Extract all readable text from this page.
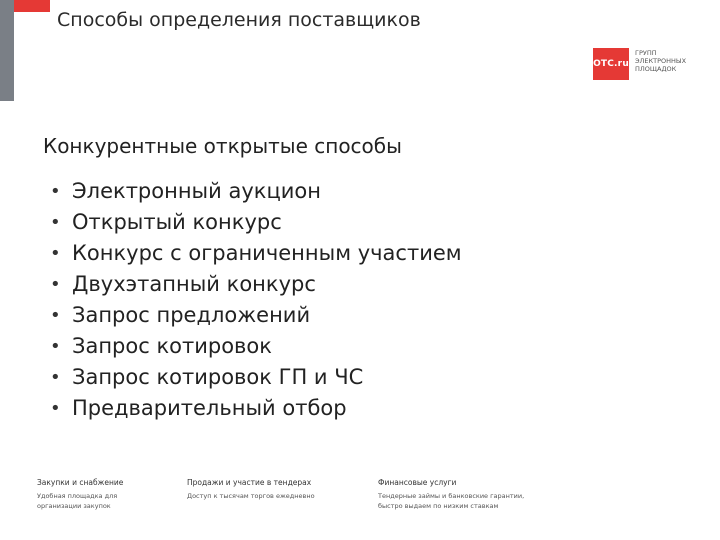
Способы определения поставщиков
OTC.ru
ГРУПП
ЭЛЕКТРОННЫХ
ПЛОЩАДОК
Конкурентные открытые способы
• Электронный аукцион
• Открытый конкурс
• Конкурс с ограниченным участием
• Двухэтапный конкурс
• Запрос предложений
• Запрос котировок
• Запрос котировок ГП и ЧС
• Предварительный отбор
Закупки и снабжение
Удобная площадка для
организации закупок
Продажи и участие в тендерах
Доступ к тысячам торгов ежедневно
Финансовые услуги
Тендерные займы и банковские гарантии,
быстро выдаем по низким ставкам
